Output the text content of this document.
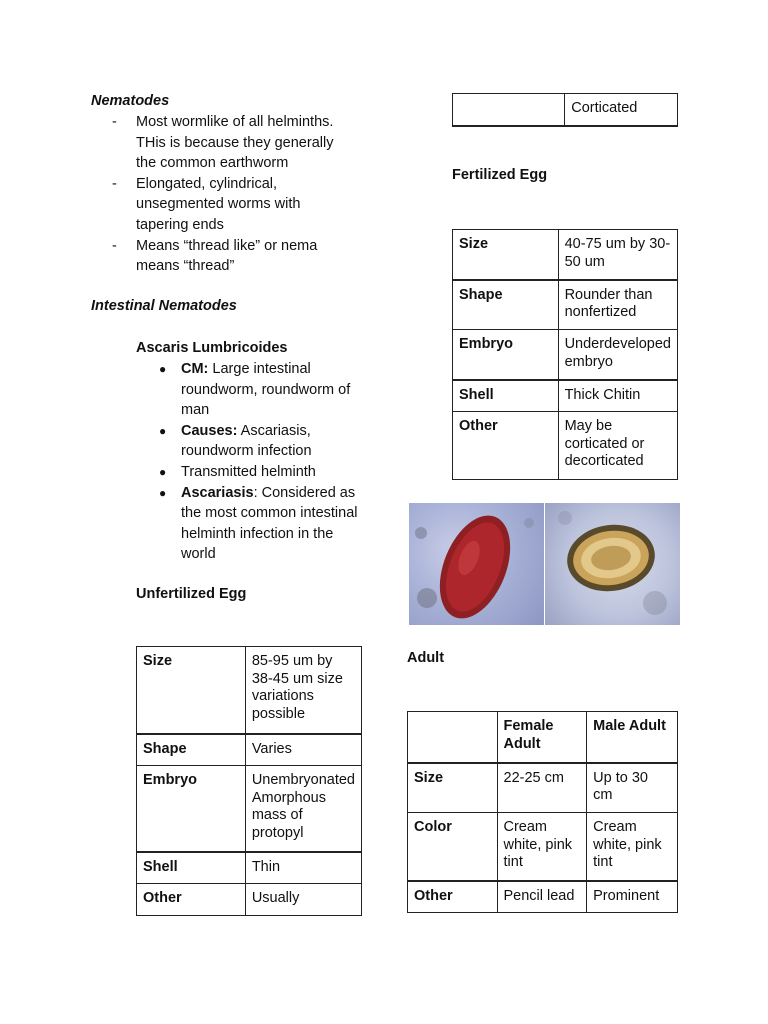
Nematodes
- Most wormlike of all helminths. THis is because they generally the common earthworm
- Elongated, cylindrical, unsegmented worms with tapering ends
- Means “thread like” or nema means “thread”
Intestinal Nematodes
Ascaris Lumbricoides
● CM: Large intestinal roundworm, roundworm of man
● Causes: Ascariasis, roundworm infection
● Transmitted helminth
● Ascariasis: Considered as the most common intestinal helminth infection in the world
Unfertilized Egg
Size	85-95 um by 38-45 um size variations possible
Shape	Varies
Embryo	Unembryonated Amorphous mass of protopyl
Shell	Thin
Other	Usually
	Corticated
Fertilized Egg
Size	40-75 um by 30-50 um
Shape	Rounder than nonfertized
Embryo	Underdeveloped embryo
Shell	Thick Chitin
Other	May be corticated or decorticated
Adult
	Female Adult	Male Adult
Size	22-25 cm	Up to 30 cm
Color	Cream white, pink tint	Cream white, pink tint
Other	Pencil lead	Prominent
